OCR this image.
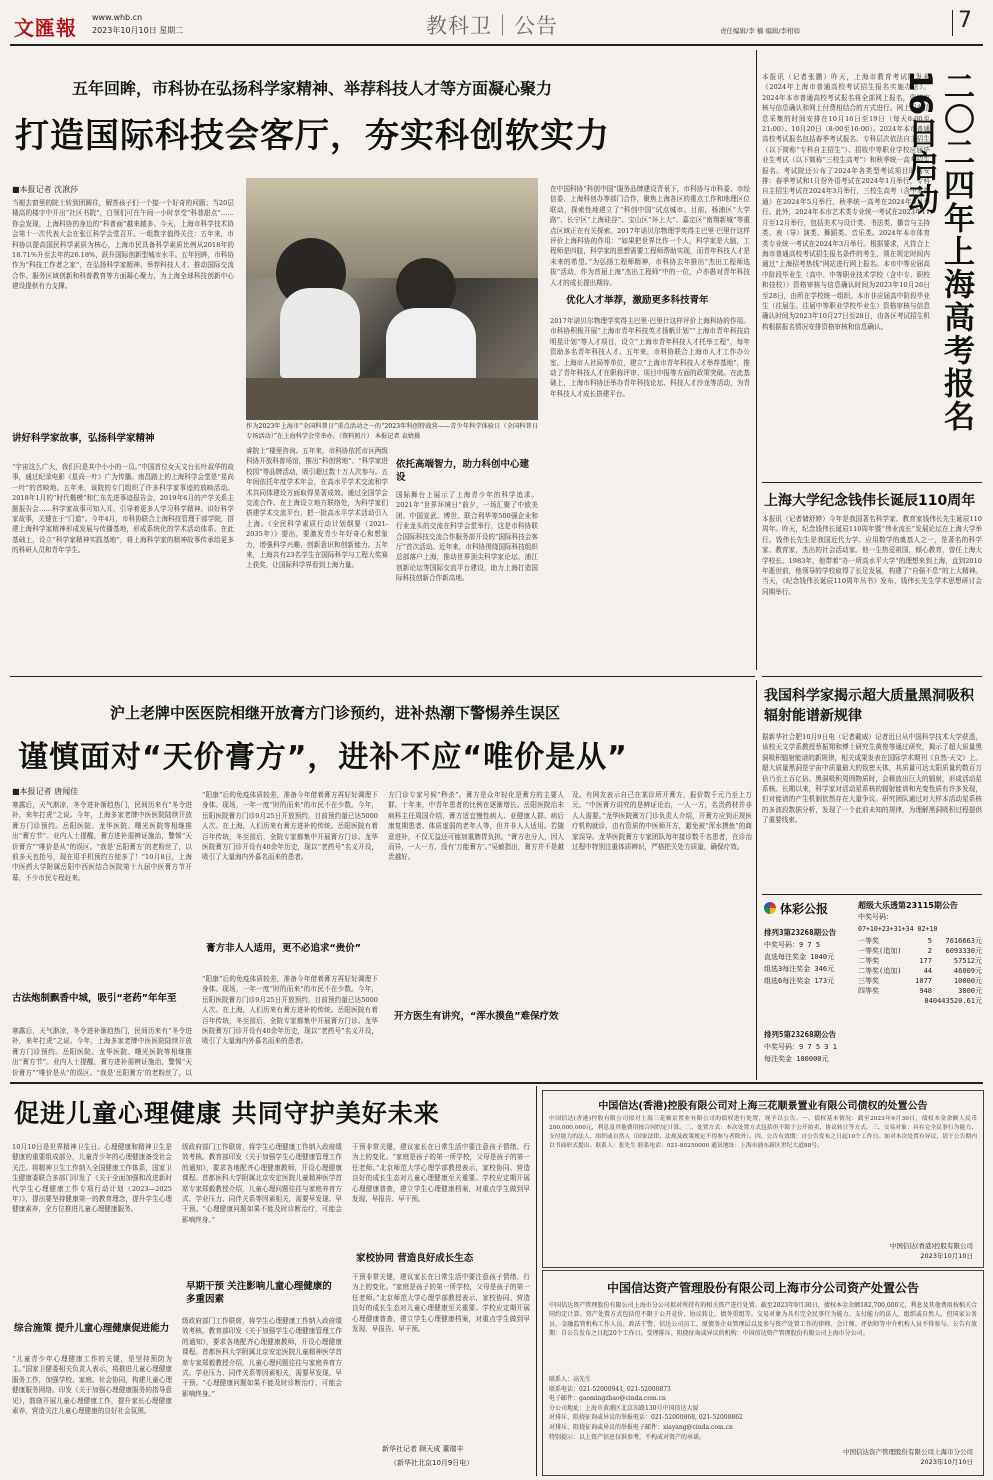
文匯報 www.whb.cn
2023年10月10日 星期二	教科卫｜公告	责任编辑/李 楠 编辑/李相如	7
五年回眸，市科协在弘扬科学家精神、举荐科技人才等方面凝心聚力
打造国际科技会客厅，夯实科创软实力
■本报记者 沈湫莎
当褪去窗里的院士转到团圆住，解答孩子们一个接一个好奇的问题；当20层楼高的楼宇中开出“社区书院”，白领们可在午间一小时享受“科普甜点”……你会发现，上海科协的身边的“科普面”越来越多。今天，上海市科学技术协会第十一次代表大会在张江科学会堂召开。一组数字值得关注：五年来，市科协以提高国民科学素质为核心，上海市民具备科学素质比例从2018年的18.71%升至去年的26.18%，跃升国际创新型城市水平。五年回眸，市科协作为“科技工作者之家”，在弘扬科学家精神、举荐科技人才、推动国际交流合作、服务区域创新和科普教育等方面凝心聚力，为上海全球科技创新中心建设提供有力支撑。
讲好科学家故事，弘扬科学家精神
“宇宙这么广大，我们只是其中小小的一员。”中国首位女天文台长叶叔华的故事，通过纪录电影《星尚一叶》广为传播。南昌路上的上海科学会堂是“星尚一叶”的首映地。五年来，该院的专门组织了许多科学家事迹的放映活动。2018年1月的“时代楷模”和仁东先进事迹报告会，2019年6月的产学关系主题报告会……科学家故事可知入耳，引导着更多人学习科学精神。讲好科学家故事，关键在于“门道”。今年4月，市科协联合上海科技管理干部学院，搭建上海科学家精神形成发展与传播基地，形成系统化的学术活动体系。在此基础上，设立“科学家精神实践基地”，将上海科学家的精神故事传承给更多的科研人员和青年学生。
作为2023年上海市“全国科普日”重点活动之一的“2023年科创特战营——青少年科学体验日（全国科普日专场活动）”在上海科学会堂举办。（资料照片） 本报记者 袁婧摄
睿院士”楼里咨询。五年来，市科协依托市区两级科协开放科普场馆，推出“科创营地”、“科学家进校园”等品牌活动，吸引超过数十万人次参与。五年间依托年度学术年会，在高水平学术交流和学术共同体建设方面取得显著成效。通过全国学会交流合作、在上海设立地方联络处，为科学家们搭建学术交流平台，把一批高水平学术活动引入上海。《全民科学素质行动计划纲要（2021-2035年）》提出，要激发青少年好奇心和想象力，增强科学兴趣、创新意识和创新能力。五年来，上海共有23名学生在国际科学与工程大奖赛上获奖，让国际科学界看到上海力量。
依托高端智力，助力科创中心建设
国际舞台上展示了上海青少年的科学追求。2021年“世界环境日”前夕，一场汇聚了中欧美团、中国宣武、博世、联合利华等500强企业和行业龙头的交流在科学会堂举行，这是市科协联合国际科技交流合作服务部开设的“国际科技会客厅”首次活动。近年来，市科协围绕国际科技组织总部落户上海，推动世界顶尖科学家论坛、浦江创新论坛等国际交流平台建设，助力上海打造国际科技创新合作新高地。
在中国科协“科创中国”服务品牌建设背景下，市科协与市科委、市经信委、上海科创办等部门合作，聚焦上海各区的重点工作和地理区位联动，探索性地建立了“科创中国”试点城市。目前，杨浦区“大学路”、长宁区“上海硅谷”、宝山区“环上大”、嘉定区“南翔新城”等重点区域正在有关探索。2017年诺贝尔物理学奖得主巴里·巴里什这样评价上海科协的作用：“如果把世界比作一个人，科学家是大脑，工程师是四肢，科学家的思想需要工程师帮助实现，而青年科技人才是未来的希望。”为弘扬工程师精神，市科协去年推出“杰出工程师选拔”活动，作为首届上海“杰出工程师”中的一位，卢亦愚对青年科技人才的成长提出期待。
优化人才举荐，激励更多科技青年
2017年诺贝尔物理学奖得主巴里·巴里什这样评价上海科协的作用。市科协积极开展“上海市青年科技英才扬帆计划”“上海市青年科技启明星计划”等人才项目，设立“上海市青年科技人才托举工程”，每年资助多名青年科技人才。五年来，市科协联合上海市人才工作办公室、上海市人社局等单位，建立“上海市青年科技人才举荐基地”，推动了青年科技人才在职称评审、项目申报等方面的政策突破。在此基础上，上海市科协还举办青年科技论坛、科技人才沙龙等活动，为青年科技人才成长搭建平台。
本报讯（记者张鹏）昨天，上海市教育考试院发布《2024年上海市普通高校考试招生报名实施办法》。2024年本市普通高校考试报名将全部网上报名，资格审核与信息确认和网上付费相结合的方式进行。网上报名信息采集的时间安排在10月16日至19日（每天8:00至21:00）、10月20日（8:00至16:00）。2024年本市普通高校考试报名包括春季考试报名、专科层次依法自主招生（以下简称“专科自主招生”）、招收中等职业学校应届毕业生考试（以下简称“三校生高考”）和秋季统一高考招生报名。考试院还公布了2024年各类型考试项目时间安排：春季考试和1月份外语考试在2024年1月举行，专科自主招生考试在2024年3月举行，三校生高考（含中本贯通）在2024年5月举行，秋季统一高考在2024年6月举行。此外，2024年本市艺术类专业统一考试在2023年11月至12月举行，包括美术与设计类、书法类、播音与主持类、表（导）演类、舞蹈类、音乐类。2024年本市体育类专业统一考试在2024年3月举行。根据要求，凡符合上海市普通高校考试招生报名条件的考生，须在规定时间内通过“上海招考热线”网站进行网上报名。本市中等应届高中阶段毕业生（高中、中等职业技术学校（含中专、职校和技校））资格审核与信息确认时间为2023年10月26日至28日，由所在学校统一组织。本市非应届高中阶段毕业生（往届生、往届中等职业学校毕业生）资格审核与信息确认时间为2023年10月27日至28日，由各区考试招生机构根据报名情况安排资格审核和信息确认。	二〇二四年上海高考报名16日启动
上海大学纪念钱伟长诞辰110周年
本报讯（记者储舒婷）今年是我国著名科学家、教育家钱伟长先生诞辰110周年。昨天，纪念钱伟长诞辰110周年暨“伟业流长”发展论坛在上海大学举行。钱伟长先生是我国近代力学、应用数学的奠基人之一，是著名的科学家、教育家，杰出的社会活动家。他一生热爱祖国，倾心教育，曾任上海大学校长。1983年，他带着“办一所高水平大学”的理想来到上海，直到2010年逝世前，他领导的学校取得了长足发展，构建了“自强不息”的上大精神。当天，《纪念钱伟长诞辰110周年丛书》发布，钱伟长先生学术思想研讨会同期举行。
沪上老牌中医医院相继开放膏方门诊预约，进补热潮下警惕养生误区
谨慎面对“天价膏方”，进补不应“唯价是从”
■本报记者 唐闻佳
寒露后，天气渐凉，冬令进补渐趋热门，民间历来有“冬令进补，来年打虎”之说。今年，上海多家老牌中医医院陆续开放膏方门诊预约。岳阳医院、龙华医院、曙光医院等相继推出“膏方节”。业内人士提醒，膏方进补需辨证施治，警惕“天价膏方”“唯价是从”的误区。“我是‘岳阳膏方’的老粉丝了，以前多天也抢号，现在用手机预约方便多了！”10月8日，上海中医药大学附属岳阳中西医结合医院第十九届中医膏方节开幕，不少市民专程赶来。
古法炮制飘香中城，吸引“老药”年年至
寒露后，天气渐凉，冬令进补渐趋热门，民间历来有“冬令进补，来年打虎”之说。今年，上海多家老牌中医医院陆续开放膏方门诊预约。岳阳医院、龙华医院、曙光医院等相继推出“膏方节”。业内人士提醒，膏方进补需辨证施治，警惕“天价膏方”“唯价是从”的误区。“我是‘岳阳膏方’的老粉丝了，以
“阳康”后的免疫体质较差，准备今年借着膏方再好好调理下身体。现场，一年一度“时的而来”的市民不在少数。今年，岳阳医院膏方门诊9月25日开放预约，目前预约量已达5000人次。在上海，人们历来有膏方进补的传统。岳阳医院有着百年传统，冬至前后，全院专家都集中开展膏方门诊。龙华医院膏方门诊开设有40余年历史，现以“老药号”名义开设，吸引了大量海内外慕名而来的患者。
膏方非人人适用，更不必追求“贵价”
“阳康”后的免疫体质较差，准备今年借着膏方再好好调理下身体。现场，一年一度“时的而来”的市民不在少数。今年，岳阳医院膏方门诊9月25日开放预约，目前预约量已达5000人次。在上海，人们历来有膏方进补的传统。岳阳医院有着百年传统，冬至前后，全院专家都集中开展膏方门诊。龙华医院膏方门诊开设有40余年历史，现以“老药号”名义开设，吸引了大量海内外慕名而来的患者。
方门诊专家号候“秒杀”。膏方是众年轻化是膏方的主要人群。十年来，中青年患者的比例在逐渐增长。岳阳医院治未病科主任周国介绍，膏方适宜慢性病人、亚健康人群、病后康复期患者、体质虚弱的老年人等，但并非人人适用。若随意进补，不仅无益还可能加重脾胃负担。“膏方也分人，因人而异，一人一方，没有‘万能膏方’。”吴敏指出，膏方并不是越贵越好。
开方医生有讲究，“浑水摸鱼”难保疗效
及。有网友表示自己在某诊所开膏方，报价数千元乃至上万元。“中医膏方讲究的是辨证论治，一人一方，名贵药材并非人人需要。”龙华医院膏方门诊负责人介绍，开膏方应到正规医疗机构就诊，由有资质的中医师开方，避免被“浑水摸鱼”的商家误导。龙华医院膏方专家团队每年接诊数千名患者，在诊治过程中特别注重体质辨识，严格把关处方质量，确保疗效。
我国科学家揭示超大质量黑洞吸积辐射能谱新规律
据新华社合肥10月9日电（记者戴威）记者近日从中国科学技术大学获悉，该校天文学系教授蔡振翔和博士研究生黄俊等通过研究，揭示了超大质量黑洞吸积辐射能谱的新规律，相关成果发表在国际学术期刊《自然·天文》上。超大质量黑洞是宇宙中质量最大的致密天体，其质量可达太阳质量的数百万倍乃至上百亿倍。黑洞吸积周围物质时，会释放出巨大的辐射，形成活动星系核。长期以来，科学家对活动星系核的辐射能谱和光变性质有许多发现，但对能谱的产生机制依然存在大量争议。研究团队通过对大样本活动星系核的多波段数据分析，发现了一个此前未知的规律，为理解黑洞吸积过程提供了重要线索。
体彩公报	超级大乐透第23115期公告
中奖号码：
07+10+23+31+34 02+10
一等奖	5	7616663元
一等奖(追加)	2	6093330元
二等奖	177	57512元
二等奖(追加)	44	46009元
三等奖	1077	10000元
四等奖	948	3000元
840443520.61元
排列3第23268期公告
中奖号码：9 7 5
直选每注奖金 1040元
组选3每注奖金 346元
组选6每注奖金 173元
排列5第23268期公告
中奖号码：9 7 5 3 1
每注奖金 100000元
促进儿童心理健康 共同守护美好未来
10月10日是世界精神卫生日。心理健康和精神卫生是健康的重要组成部分，儿童青少年的心理健康备受社会关注。将精神卫生工作纳入全国健康工作体系，国家卫生健康委联合多部门印发了《关于全面加强和改进新时代学生心理健康工作专项行动计划（2023—2025年）》，提出要坚持健康第一的教育理念，提升学生心理健康素养，全方位推进儿童心理健康服务。
综合施策 提升儿童心理健康促进能力
“儿童青少年心理健康工作的关键，是坚持预防为主。”国家卫健委相关负责人表示，将推进儿童心理健康服务工作，加强学校、家庭、社会协同，构建儿童心理健康服务网络。印发《关于加强心理健康服务的指导意见》，鼓励开展儿童心理健康工作，提升家长心理健康素养，营造关注儿童心理健康的良好社会氛围。
级政府部门工作联席，将学生心理健康工作纳入政府绩效考核。教育部印发《关于加强学生心理健康管理工作的通知》，要求各地配齐心理健康教师，开设心理健康课程。首都医科大学附属北京安定医院儿童精神医学首席专家郑毅教授介绍，儿童心理问题往往与家庭养育方式、学业压力、同伴关系等因素相关，需要早发现、早干预。“心理健康问题如果不能及时诊断治疗，可能会影响终身。”
早期干预 关注影响儿童心理健康的多重因素
级政府部门工作联席，将学生心理健康工作纳入政府绩效考核。教育部印发《关于加强学生心理健康管理工作的通知》，要求各地配齐心理健康教师，开设心理健康课程。首都医科大学附属北京安定医院儿童精神医学首席专家郑毅教授介绍，儿童心理问题往往与家庭养育方式、学业压力、同伴关系等因素相关，需要早发现、早干预。“心理健康问题如果不能及时诊断治疗，可能会影响终身。”
干预非常关键，建议家长在日常生活中要注意孩子情绪、行为上的变化。“家庭是孩子的第一所学校，父母是孩子的第一任老师。”北京师范大学心理学部教授表示，家校协同、营造良好的成长生态对儿童心理健康至关重要。学校应定期开展心理健康普查，建立学生心理健康档案，对重点学生做到早发现、早报告、早干预。
家校协同 营造良好成长生态
干预非常关键，建议家长在日常生活中要注意孩子情绪、行为上的变化。“家庭是孩子的第一所学校，父母是孩子的第一任老师。”北京师范大学心理学部教授表示，家校协同、营造良好的成长生态对儿童心理健康至关重要。学校应定期开展心理健康普查，建立学生心理健康档案，对重点学生做到早发现、早报告、早干预。
新华社记者 顾天成 董瑞丰
（新华社北京10月9日电）
中国信达(香港)控股有限公司对上海三花顺景置业有限公司债权的处置公告
中国信达(香港)控股有限公司拟对上海三花顺景置业有限公司的债权进行处置，现予以公告。一、债权基本情况：截至2023年9月30日，债权本金余额人民币200,000,000元，利息及其他费用按合同约定计算。二、处置方式：本次处置方式包括但不限于公开拍卖、协议转让等方式。三、交易对象：具有完全民事行为能力、支付能力的法人、组织或自然人（国家法律、法规及政策规定不得参与者除外）。四、公告有效期：自公告发布之日起10个工作日。如对本次处置有异议，请于公告期内以书面形式提出。联系人：张先生 联系电话：021-80250000 通讯地址：上海市浦东新区世纪大道88号。
中国信达(香港)控股有限公司
2023年10月10日
中国信达资产管理股份有限公司上海市分公司资产处置公告
中国信达资产管理股份有限公司上海市分公司拟对所持有的相关资产进行处置。截至2023年9月30日，债权本金余额182,700,000元，利息及其他费用按相关合同约定计算。资产处置方式包括但不限于公开竞价、协议转让、债务重组等。交易对象为具有完全民事行为能力、支付能力的法人、组织或自然人，但国家公务员、金融监管机构工作人员、政法干警、信达公司员工、原债务企业管理层以及参与资产处置工作的律师、会计师、评估师等中介机构人员不得参与。公告有效期：自公告发布之日起20个工作日。受理排斥、阻挠征询或异议的机构：中国信达资产管理股份有限公司上海市分公司。
联系人：高先生
联系电话：021-52000941, 021-52000873
电子邮件：gaomingzhao@cinda.com.cn
分公司地址：上海市黄浦区北京东路130号中国信达大厦
对排斥、阻挠征询或异议的举报电话：021-52000868, 021-52000862
对排斥、阻挠征询或异议的举报电子邮件：xiayang@cinda.com.cn
特别提示：以上资产信息仅供参考，不构成对资产的承诺。
中国信达资产管理股份有限公司上海市分公司
2023年10月10日
